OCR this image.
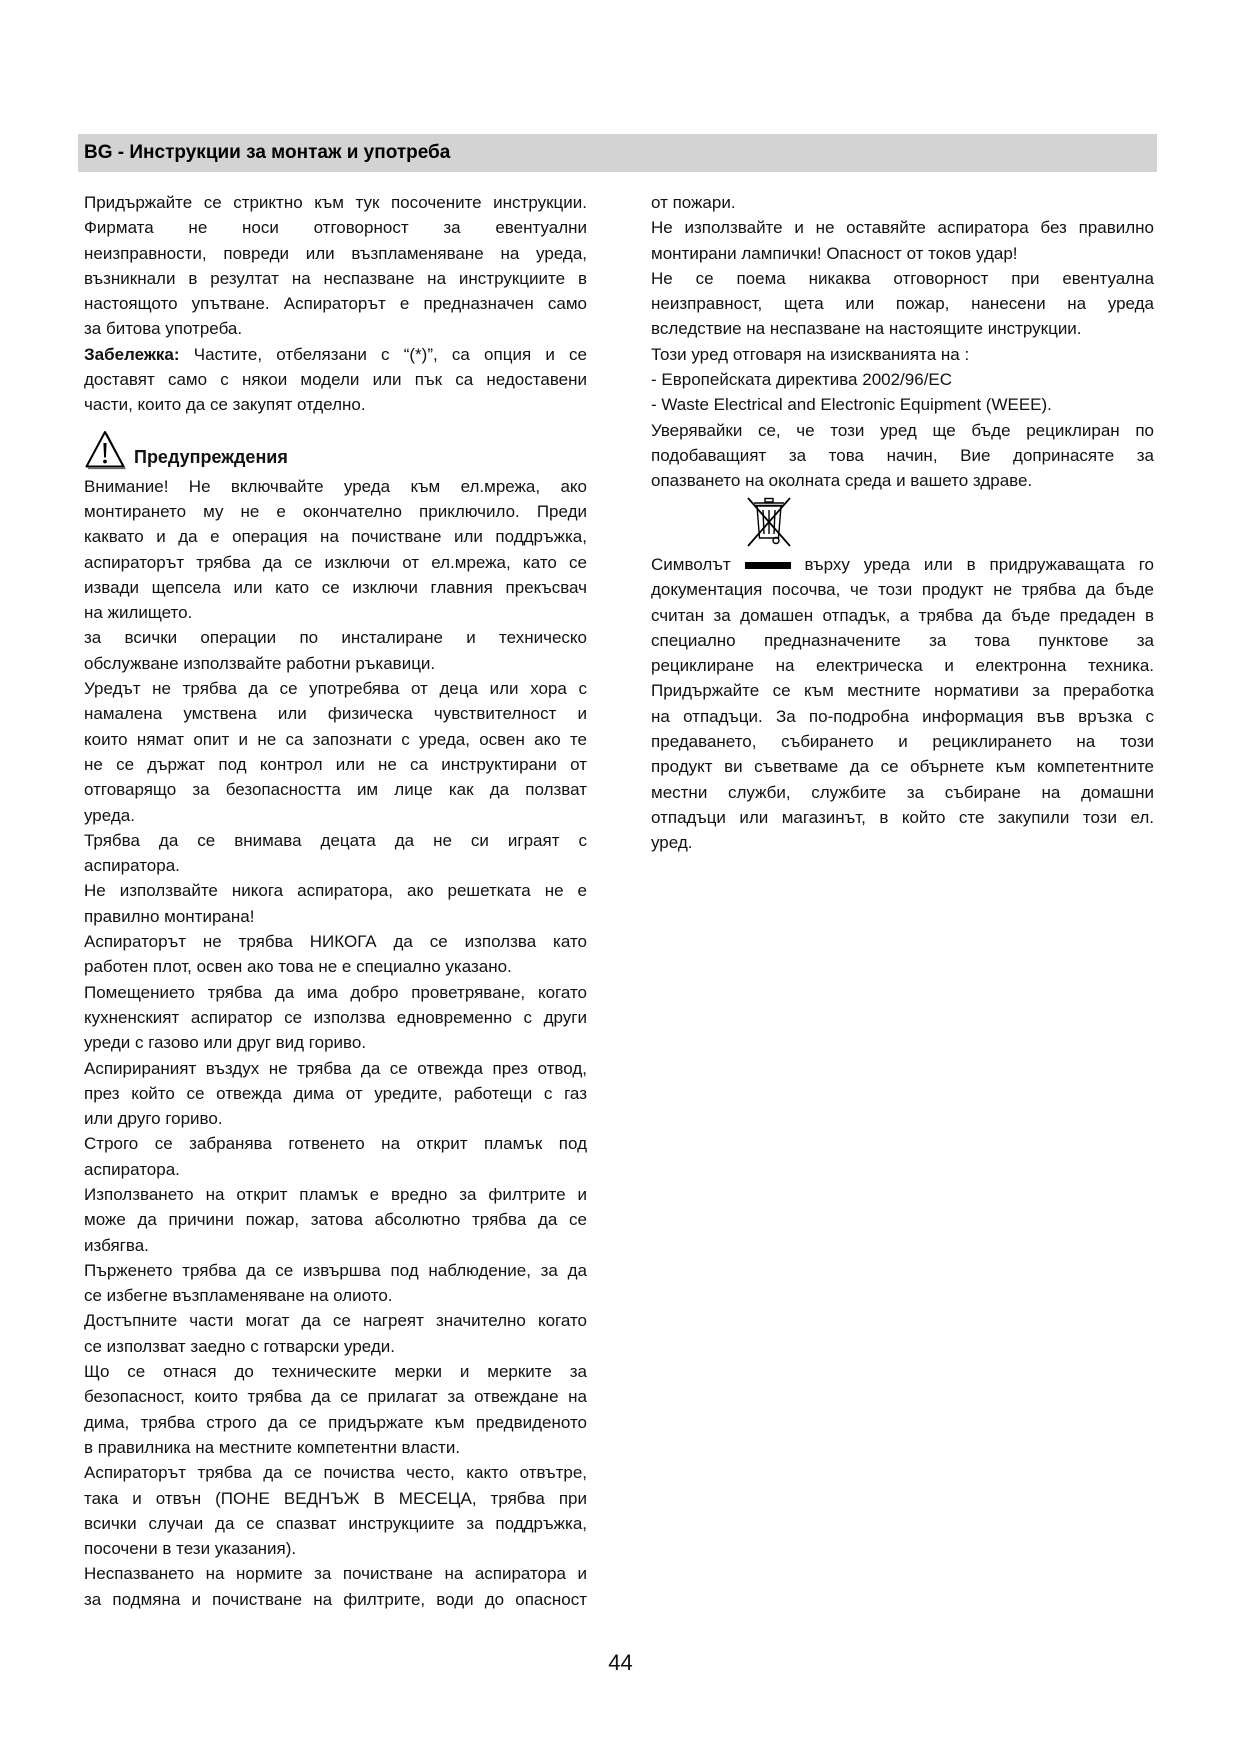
BG - Инструкции за монтаж и употреба
Придържайте се стриктно към тук посочените инструкции.
Фирмата не носи отговорност за евентуални
неизправности, повреди или възпламеняване на уреда,
възникнали в резултат на неспазване на инструкциите в
настоящото упътване. Аспираторът е предназначен само
за битова употреба.
Забележка: Частите, отбелязани с “(*)”, са опция и се
доставят само с някои модели или пък са недоставени
части, които да се закупят отделно.
Предупреждения
Внимание! Не включвайте уреда към ел.мрежа, ако
монтирането му не е окончателно приключило. Преди
каквато и да е операция на почистване или поддръжка,
аспираторът трябва да се изключи от ел.мрежа, като се
извади щепсела или като се изключи главния прекъсвач
на жилището.
за всички операции по инсталиране и техническо
обслужване използвайте работни ръкавици.
Уредът не трябва да се употребява от деца или хора с
намалена умствена или физическа чувствителност и
които нямат опит и не са запознати с уреда, освен ако те
не се държат под контрол или не са инструктирани от
отговарящо за безопасността им лице как да ползват
уреда.
Трябва да се внимава децата да не си играят с
аспиратора.
Не използвайте никога аспиратора, ако решетката не е
правилно монтирана!
Аспираторът не трябва НИКОГА да се използва като
работен плот, освен ако това не е специално указано.
Помещението трябва да има добро проветряване, когато
кухненският аспиратор се използва едновременно с други
уреди с газово или друг вид гориво.
Аспирираният въздух не трябва да се отвежда през отвод,
през който се отвежда дима от уредите, работещи с газ
или друго гориво.
Строго се забранява готвенето на открит пламък под
аспиратора.
Използването на открит пламък е вредно за филтрите и
може да причини пожар, затова абсолютно трябва да се
избягва.
Пърженето трябва да се извършва под наблюдение, за да
се избегне възпламеняване на олиото.
Достъпните части могат да се нагреят значително когато
се използват заедно с готварски уреди.
Що се отнася до техническите мерки и мерките за
безопасност, които трябва да се прилагат за отвеждане на
дима, трябва строго да се придържате към предвиденото
в правилника на местните компетентни власти.
Аспираторът трябва да се почиства често, както отвътре,
така и отвън (ПОНЕ ВЕДНЪЖ В МЕСЕЦА, трябва при
всички случаи да се спазват инструкциите за поддръжка,
посочени в тези указания).
Неспазването на нормите за почистване на аспиратора и
за подмяна и почистване на филтрите, води до опасност
от пожари.
Не използвайте и не оставяйте аспиратора без правилно
монтирани лампички! Опасност от токов удар!
Не се поема никаква отговорност при евентуална
неизправност, щета или пожар, нанесени на уреда
вследствие на неспазване на настоящите инструкции.
Този уред отговаря на изискванията на :
- Европейската директива 2002/96/EC
- Waste Electrical and Electronic Equipment (WEEE).
Уверявайки се, че този уред ще бъде рециклиран по
подобаващият за това начин, Вие допринасяте за
опазването на околната среда и вашето здраве.
Символът	върху уреда или в придружаващата го
документация посочва, че този продукт не трябва да бъде
считан за домашен отпадък, а трябва да бъде предаден в
специално предназначените за това пунктове за
рециклиране на електрическа и електронна техника.
Придържайте се към местните нормативи за преработка
на отпадъци. За по-подробна информация във връзка с
предаването, събирането и рециклирането на този
продукт ви съветваме да се обърнете към компетентните
местни служби, службите за събиране на домашни
отпадъци или магазинът, в който сте закупили този ел.
уред.
44
